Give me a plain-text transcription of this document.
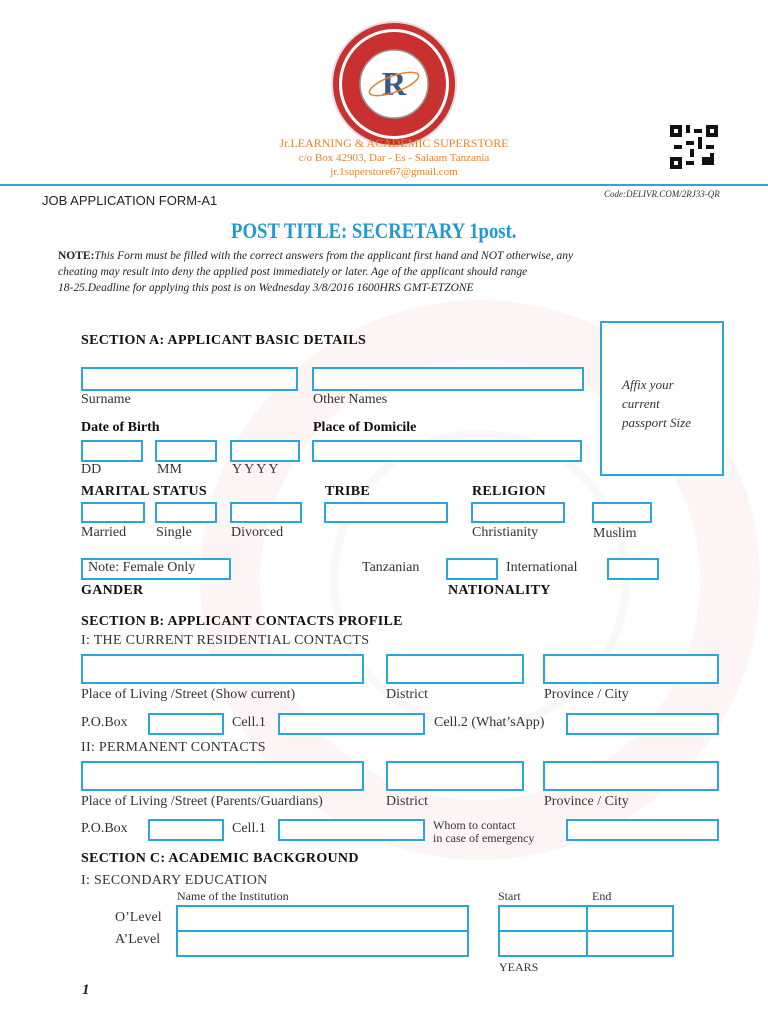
R
Jr.LEARNING & ACADEMIC SUPERSTORE
c/o Box 42903, Dar - Es - Salaam Tanzania
jr.1superstore67@gmail.com
JOB APPLICATION FORM-A1	Code:DELIVR.COM/2RJ33-QR
POST TITLE: SECRETARY 1post.
NOTE:This Form must be filled with the correct answers from the applicant first hand and NOT otherwise, any
cheating may result into deny the applied post immediately or later. Age of the applicant should range
18-25.Deadline for applying this post is on Wednesday 3/8/2016 1600HRS GMT-ETZONE
SECTION A: APPLICANT BASIC DETAILS
Affix your
current
passport Size
Surname	Other Names
Date of Birth	Place of Domicile
DD	MM	YYYY
MARITAL STATUS	TRIBE	RELIGION
Married Single	Divorced	Christianity	Muslim
Note: Female Only	Tanzanian	International
GANDER	NATIONALITY
SECTION B: APPLICANT CONTACTS PROFILE
I: THE CURRENT RESIDENTIAL CONTACTS
Place of Living /Street (Show current)	District	Province / City
P.O.Box	Cell.1	Cell.2 (What’sApp)
II: PERMANENT CONTACTS
Place of Living /Street (Parents/Guardians)	District	Province / City
P.O.Box	Cell.1	Whom to contact
in case of emergency
SECTION C: ACADEMIC BACKGROUND
I: SECONDARY EDUCATION
Name of the Institution	Start	End
O’Level
A’Level
YEARS
1
